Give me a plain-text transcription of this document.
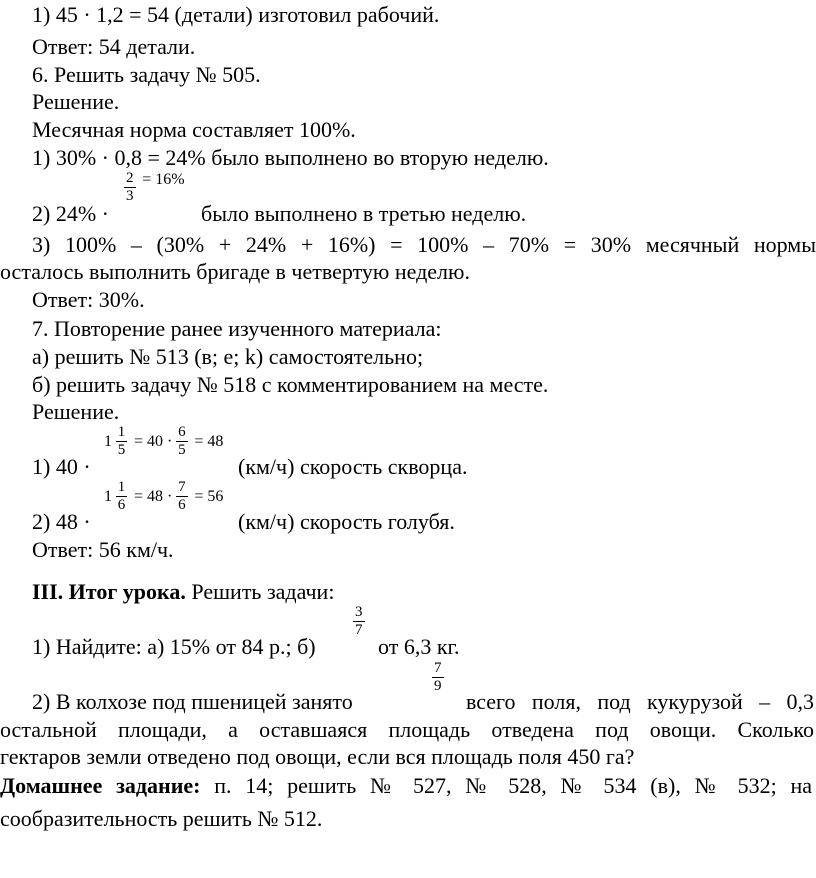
1) 45 · 1,2 = 54 (детали) изготовил рабочий.
Ответ: 54 детали.
6. Решить задачу № 505.
Решение.
Месячная норма составляет 100%.
1) 30% · 0,8 = 24% было выполнено во вторую неделю.
2) 24% ·
$\frac{2}{3} = 16\%$
было выполнено в третью неделю.
3) 100% – (30% + 24% + 16%) = 100% – 70% = 30% месячный нормы
осталось выполнить бригаде в четвертую неделю.
Ответ: 30%.
7. Повторение ранее изученного материала:
а) решить № 513 (в; е; k) самостоятельно;
б) решить задачу № 518 с комментированием на месте.
Решение.
1) 40 ·
$1 \frac{1}{5} = 40 \cdot \frac{6}{5} = 48$
(км/ч) скорость скворца.
2) 48 ·
$1 \frac{1}{6} = 48 \cdot \frac{7}{6} = 56$
(км/ч) скорость голубя.
Ответ: 56 км/ч.
III. Итог урока. Решить задачи:
1) Найдите: а) 15% от 84 р.; б)
$\frac{3}{7}$
от 6,3 кг.
2) В колхозе под пшеницей занято
$\frac{7}{9}$
всего поля, под кукурузой – 0,3
остальной площади, а оставшаяся площадь отведена под овощи. Сколько
гектаров земли отведено под овощи, если вся площадь поля 450 га?
Домашнее задание: п. 14; решить № 527, № 528, № 534 (в), № 532; на
сообразительность решить № 512.
